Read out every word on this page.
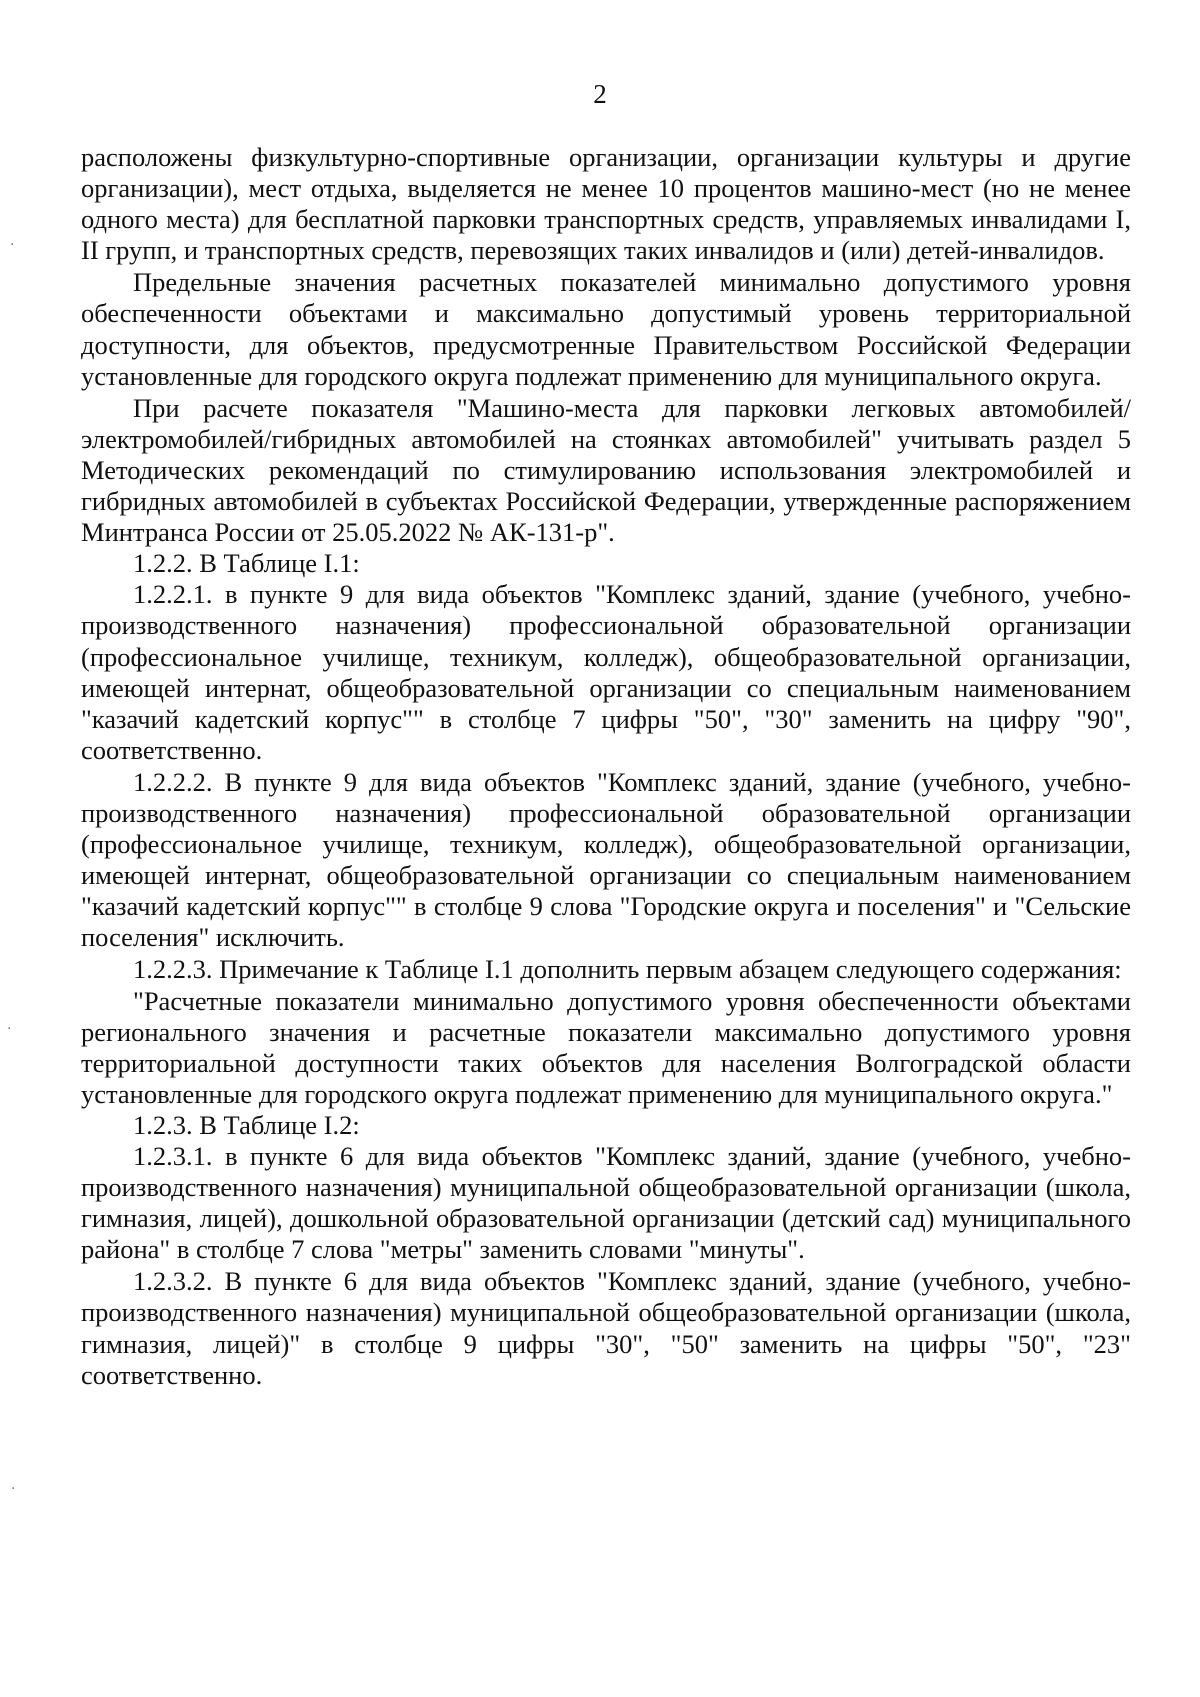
2

расположены физкультурно-спортивные организации, организации культуры и другие организации), мест отдыха, выделяется не менее 10 процентов машино-мест (но не менее одного места) для бесплатной парковки транспортных средств, управляемых инвалидами I, II групп, и транспортных средств, перевозящих таких инвалидов и (или) детей-инвалидов.

Предельные значения расчетных показателей минимально допустимого уровня обеспеченности объектами и максимально допустимый уровень территориальной доступности, для объектов, предусмотренные Правительством Российской Федерации установленные для городского округа подлежат применению для муниципального округа.

При расчете показателя "Машино-места для парковки легковых автомобилей/электромобилей/гибридных автомобилей на стоянках автомобилей" учитывать раздел 5 Методических рекомендаций по стимулированию использования электромобилей и гибридных автомобилей в субъектах Российской Федерации, утвержденные распоряжением Минтранса России от 25.05.2022 № АК-131-р".

1.2.2. В Таблице I.1:

1.2.2.1. в пункте 9 для вида объектов "Комплекс зданий, здание (учебного, учебно-производственного назначения) профессиональной образовательной организации (профессиональное училище, техникум, колледж), общеобразовательной организации, имеющей интернат, общеобразовательной организации со специальным наименованием "казачий кадетский корпус"" в столбце 7 цифры "50", "30" заменить на цифру "90", соответственно.

1.2.2.2. В пункте 9 для вида объектов "Комплекс зданий, здание (учебного, учебно-производственного назначения) профессиональной образовательной организации (профессиональное училище, техникум, колледж), общеобразовательной организации, имеющей интернат, общеобразовательной организации со специальным наименованием "казачий кадетский корпус"" в столбце 9 слова "Городские округа и поселения" и "Сельские поселения" исключить.

1.2.2.3. Примечание к Таблице I.1 дополнить первым абзацем следующего содержания:

"Расчетные показатели минимально допустимого уровня обеспеченности объектами регионального значения и расчетные показатели максимально допустимого уровня территориальной доступности таких объектов для населения Волгоградской области установленные для городского округа подлежат применению для муниципального округа."

1.2.3. В Таблице I.2:

1.2.3.1. в пункте 6 для вида объектов "Комплекс зданий, здание (учебного, учебно-производственного назначения) муниципальной общеобразовательной организации (школа, гимназия, лицей), дошкольной образовательной организации (детский сад) муниципального района" в столбце 7 слова "метры" заменить словами "минуты".

1.2.3.2. В пункте 6 для вида объектов "Комплекс зданий, здание (учебного, учебно-производственного назначения) муниципальной общеобразовательной организации (школа, гимназия, лицей)" в столбце 9 цифры "30", "50" заменить на цифры "50", "23" соответственно.

·
·
·
